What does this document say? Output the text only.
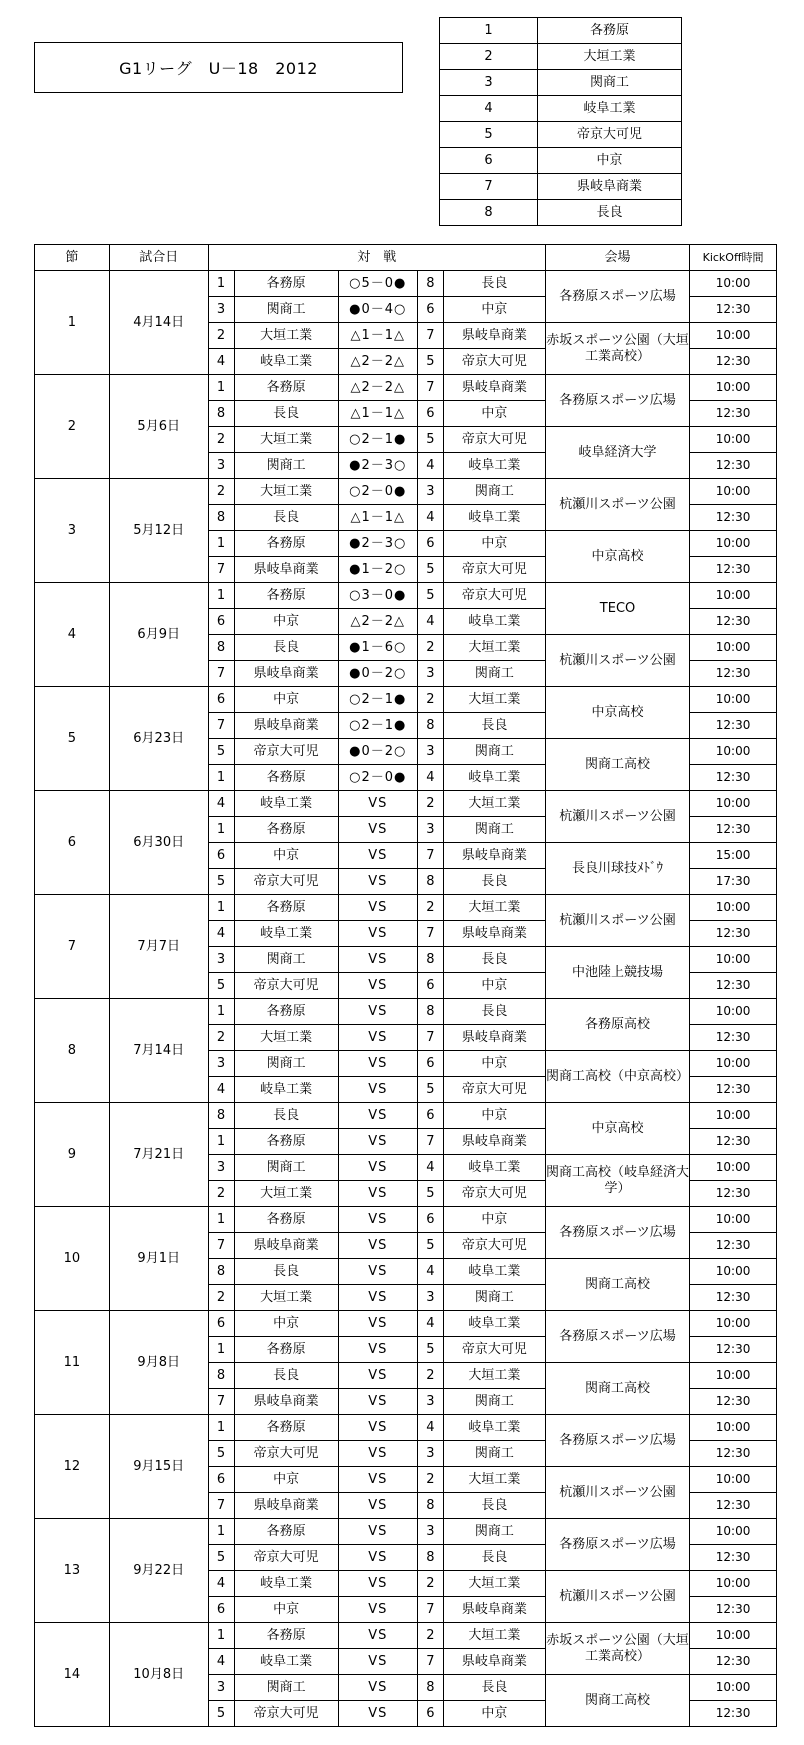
G1リーグ　U－18　2012
1	各務原
2	大垣工業
3	関商工
4	岐阜工業
5	帝京大可児
6	中京
7	県岐阜商業
8	長良
節	試合日	対　戦					会場	KickOff時間
1	4月14日	1	各務原	○5－0●	8	長良	各務原スポーツ広場	10:00
		3	関商工	●0－4○	6	中京		12:30
		2	大垣工業	△1－1△	7	県岐阜商業	赤坂スポーツ公園（大垣工業高校）	10:00
		4	岐阜工業	△2－2△	5	帝京大可児		12:30
2	5月6日	1	各務原	△2－2△	7	県岐阜商業	各務原スポーツ広場	10:00
		8	長良	△1－1△	6	中京		12:30
		2	大垣工業	○2－1●	5	帝京大可児	岐阜経済大学	10:00
		3	関商工	●2－3○	4	岐阜工業		12:30
3	5月12日	2	大垣工業	○2－0●	3	関商工	杭瀬川スポーツ公園	10:00
		8	長良	△1－1△	4	岐阜工業		12:30
		1	各務原	●2－3○	6	中京	中京高校	10:00
		7	県岐阜商業	●1－2○	5	帝京大可児		12:30
4	6月9日	1	各務原	○3－0●	5	帝京大可児	TECO	10:00
		6	中京	△2－2△	4	岐阜工業		12:30
		8	長良	●1－6○	2	大垣工業	杭瀬川スポーツ公園	10:00
		7	県岐阜商業	●0－2○	3	関商工		12:30
5	6月23日	6	中京	○2－1●	2	大垣工業	中京高校	10:00
		7	県岐阜商業	○2－1●	8	長良		12:30
		5	帝京大可児	●0－2○	3	関商工	関商工高校	10:00
		1	各務原	○2－0●	4	岐阜工業		12:30
6	6月30日	4	岐阜工業	VS	2	大垣工業	杭瀬川スポーツ公園	10:00
		1	各務原	VS	3	関商工		12:30
		6	中京	VS	7	県岐阜商業	長良川球技ﾒﾄﾞｳ	15:00
		5	帝京大可児	VS	8	長良		17:30
7	7月7日	1	各務原	VS	2	大垣工業	杭瀬川スポーツ公園	10:00
		4	岐阜工業	VS	7	県岐阜商業		12:30
		3	関商工	VS	8	長良	中池陸上競技場	10:00
		5	帝京大可児	VS	6	中京		12:30
8	7月14日	1	各務原	VS	8	長良	各務原高校	10:00
		2	大垣工業	VS	7	県岐阜商業		12:30
		3	関商工	VS	6	中京	関商工高校（中京高校）	10:00
		4	岐阜工業	VS	5	帝京大可児		12:30
9	7月21日	8	長良	VS	6	中京	中京高校	10:00
		1	各務原	VS	7	県岐阜商業		12:30
		3	関商工	VS	4	岐阜工業	関商工高校（岐阜経済大学）	10:00
		2	大垣工業	VS	5	帝京大可児		12:30
10	9月1日	1	各務原	VS	6	中京	各務原スポーツ広場	10:00
		7	県岐阜商業	VS	5	帝京大可児		12:30
		8	長良	VS	4	岐阜工業	関商工高校	10:00
		2	大垣工業	VS	3	関商工		12:30
11	9月8日	6	中京	VS	4	岐阜工業	各務原スポーツ広場	10:00
		1	各務原	VS	5	帝京大可児		12:30
		8	長良	VS	2	大垣工業	関商工高校	10:00
		7	県岐阜商業	VS	3	関商工		12:30
12	9月15日	1	各務原	VS	4	岐阜工業	各務原スポーツ広場	10:00
		5	帝京大可児	VS	3	関商工		12:30
		6	中京	VS	2	大垣工業	杭瀬川スポーツ公園	10:00
		7	県岐阜商業	VS	8	長良		12:30
13	9月22日	1	各務原	VS	3	関商工	各務原スポーツ広場	10:00
		5	帝京大可児	VS	8	長良		12:30
		4	岐阜工業	VS	2	大垣工業	杭瀬川スポーツ公園	10:00
		6	中京	VS	7	県岐阜商業		12:30
14	10月8日	1	各務原	VS	2	大垣工業	赤坂スポーツ公園（大垣工業高校）	10:00
		4	岐阜工業	VS	7	県岐阜商業		12:30
		3	関商工	VS	8	長良	関商工高校	10:00
		5	帝京大可児	VS	6	中京		12:30
